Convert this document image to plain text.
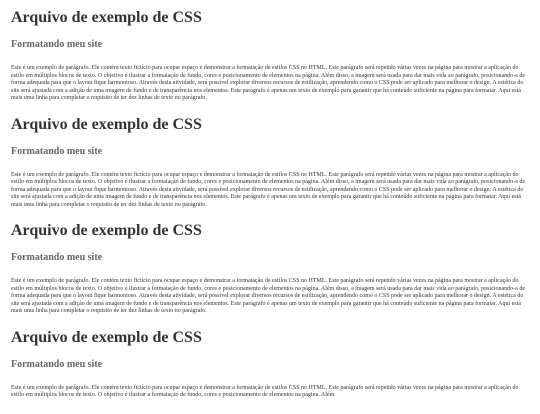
Arquivo de exemplo de CSS
Formatando meu site

Este é um exemplo de parágrafo. Ele contém texto fictício para ocupar espaço e demonstrar a formatação de estilos CSS no HTML. Este parágrafo será repetido várias vezes na página para mostrar a aplicação do estilo em múltiplos blocos de texto. O objetivo é ilustrar a formatação de fundo, cores e posicionamento de elementos na página. Além disso, a imagem será usada para dar mais vida ao parágrafo, posicionando-a de forma adequada para que o layout fique harmonioso. Através desta atividade, será possível explorar diversos recursos de estilização, aprendendo como o CSS pode ser aplicado para melhorar o design. A estética do site será ajustada com a adição de uma imagem de fundo e de transparência nos elementos. Este parágrafo é apenas um texto de exemplo para garantir que há conteúdo suficiente na página para formatar. Aqui está mais uma linha para completar o requisito de ter dez linhas de texto no parágrafo.

Arquivo de exemplo de CSS
Formatando meu site

Este é um exemplo de parágrafo. Ele contém texto fictício para ocupar espaço e demonstrar a formatação de estilos CSS no HTML. Este parágrafo será repetido várias vezes na página para mostrar a aplicação do estilo em múltiplos blocos de texto. O objetivo é ilustrar a formatação de fundo, cores e posicionamento de elementos na página. Além disso, a imagem será usada para dar mais vida ao parágrafo, posicionando-a de forma adequada para que o layout fique harmonioso. Através desta atividade, será possível explorar diversos recursos de estilização, aprendendo como o CSS pode ser aplicado para melhorar o design. A estética do site será ajustada com a adição de uma imagem de fundo e de transparência nos elementos. Este parágrafo é apenas um texto de exemplo para garantir que há conteúdo suficiente na página para formatar. Aqui está mais uma linha para completar o requisito de ter dez linhas de texto no parágrafo.

Arquivo de exemplo de CSS
Formatando meu site

Este é um exemplo de parágrafo. Ele contém texto fictício para ocupar espaço e demonstrar a formatação de estilos CSS no HTML. Este parágrafo será repetido várias vezes na página para mostrar a aplicação do estilo em múltiplos blocos de texto. O objetivo é ilustrar a formatação de fundo, cores e posicionamento de elementos na página. Além disso, a imagem será usada para dar mais vida ao parágrafo, posicionando-a de forma adequada para que o layout fique harmonioso. Através desta atividade, será possível explorar diversos recursos de estilização, aprendendo como o CSS pode ser aplicado para melhorar o design. A estética do site será ajustada com a adição de uma imagem de fundo e de transparência nos elementos. Este parágrafo é apenas um texto de exemplo para garantir que há conteúdo suficiente na página para formatar. Aqui está mais uma linha para completar o requisito de ter dez linhas de texto no parágrafo.

Arquivo de exemplo de CSS
Formatando meu site

Este é um exemplo de parágrafo. Ele contém texto fictício para ocupar espaço e demonstrar a formatação de estilos CSS no HTML. Este parágrafo será repetido várias vezes na página para mostrar a aplicação do estilo em múltiplos blocos de texto. O objetivo é ilustrar a formatação de fundo, cores e posicionamento de elementos na página. Além
